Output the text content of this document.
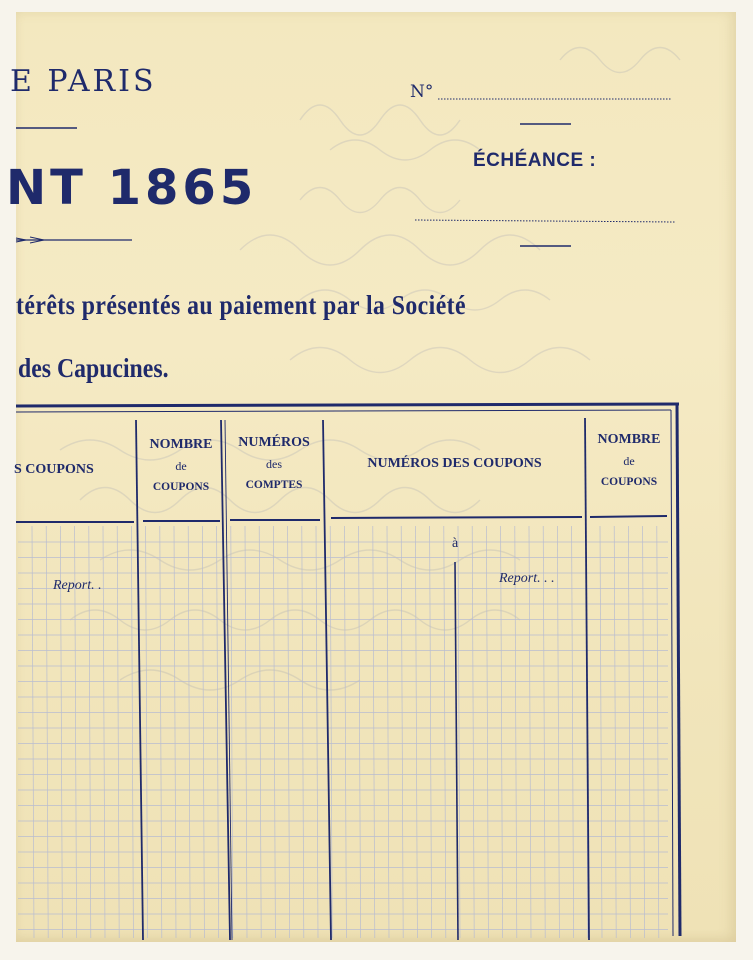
E PARIS
NT 1865
N°
ÉCHÉANCE :
térêts présentés au paiement par la Société
des Capucines.
S COUPONS
NOMBRE
de
COUPONS
NUMÉROS
des
COMPTES
NUMÉROS DES COUPONS
NOMBRE
de
COUPONS
à
Report. .	Report. . .
